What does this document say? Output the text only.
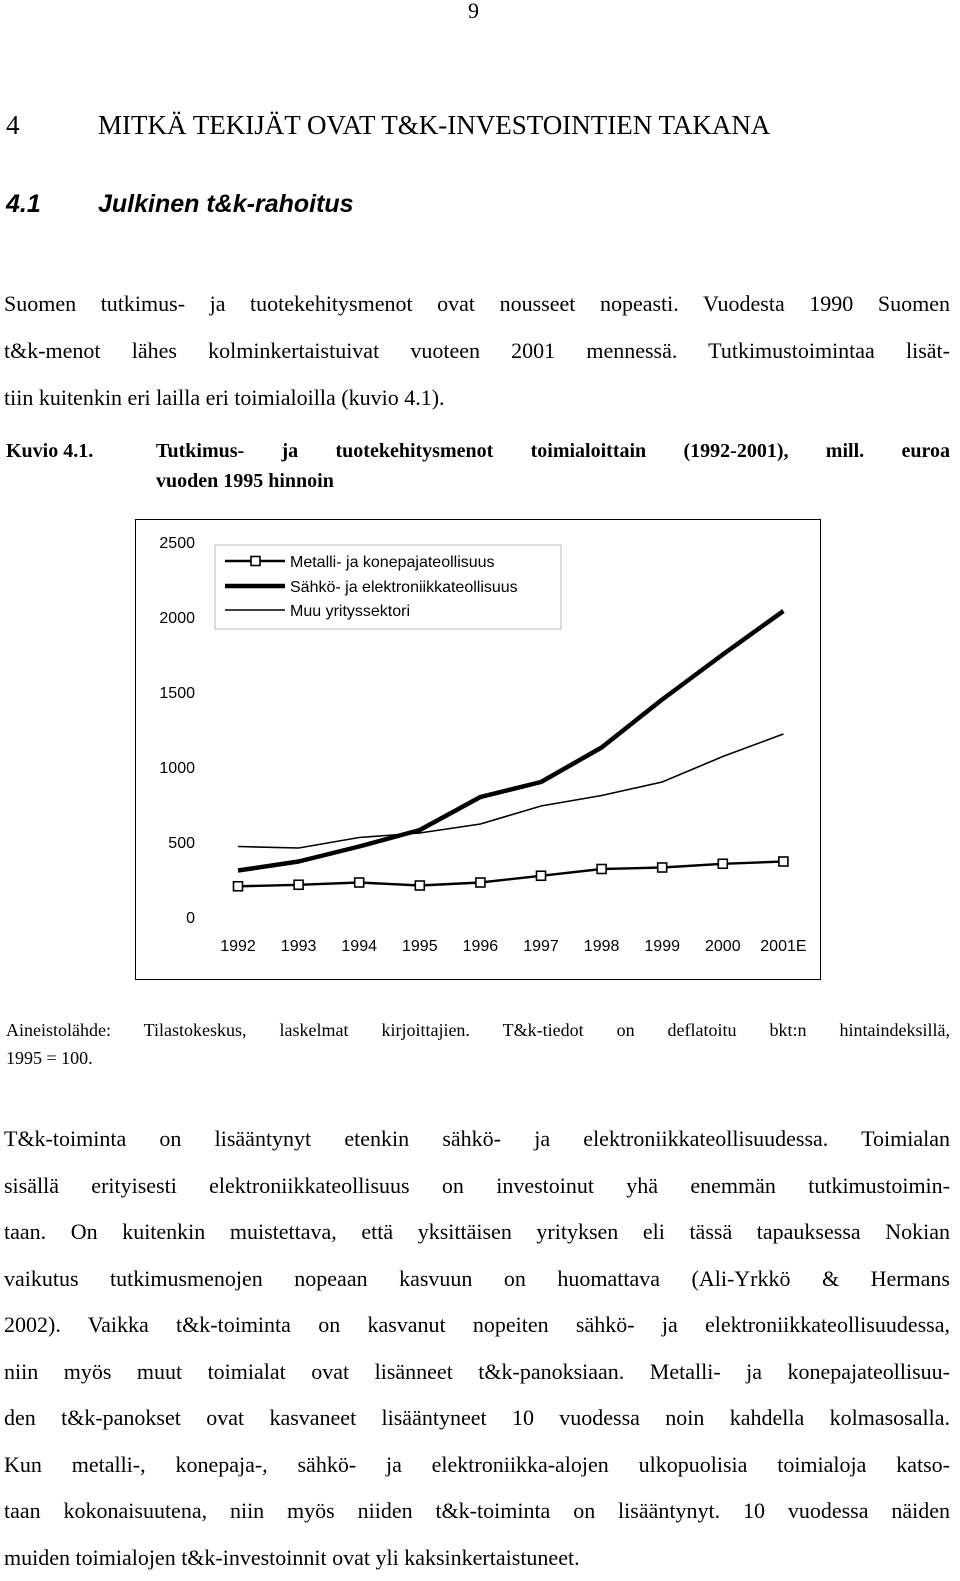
9
4	MITKÄ TEKIJÄT OVAT T&K-INVESTOINTIEN TAKANA
4.1 Julkinen t&k-rahoitus
Suomen tutkimus- ja tuotekehitysmenot ovat nousseet nopeasti. Vuodesta 1990 Suomen
t&k-menot lähes kolminkertaistuivat vuoteen 2001 mennessä. Tutkimustoimintaa lisät-
tiin kuitenkin eri lailla eri toimialoilla (kuvio 4.1).
Kuvio 4.1.	Tutkimus- ja tuotekehitysmenot toimialoittain (1992-2001), mill. euroa
vuoden 1995 hinnoin
0
500
1000
1500
2000
2500
1992 1993 1994 1995 1996 1997 1998 1999 2000 2001E
Metalli- ja konepajateollisuus
Sähkö- ja elektroniikkateollisuus
Muu yrityssektori
Aineistolähde: Tilastokeskus, laskelmat kirjoittajien. T&k-tiedot on deflatoitu bkt:n hintaindeksillä,
1995 = 100.
T&k-toiminta on lisääntynyt etenkin sähkö- ja elektroniikkateollisuudessa. Toimialan
sisällä erityisesti elektroniikkateollisuus on investoinut yhä enemmän tutkimustoimin-
taan. On kuitenkin muistettava, että yksittäisen yrityksen eli tässä tapauksessa Nokian
vaikutus tutkimusmenojen nopeaan kasvuun on huomattava (Ali-Yrkkö & Hermans
2002). Vaikka t&k-toiminta on kasvanut nopeiten sähkö- ja elektroniikkateollisuudessa,
niin myös muut toimialat ovat lisänneet t&k-panoksiaan. Metalli- ja konepajateollisuu-
den t&k-panokset ovat kasvaneet lisääntyneet 10 vuodessa noin kahdella kolmasosalla.
Kun metalli-, konepaja-, sähkö- ja elektroniikka-alojen ulkopuolisia toimialoja katso-
taan kokonaisuutena, niin myös niiden t&k-toiminta on lisääntynyt. 10 vuodessa näiden
muiden toimialojen t&k-investoinnit ovat yli kaksinkertaistuneet.
